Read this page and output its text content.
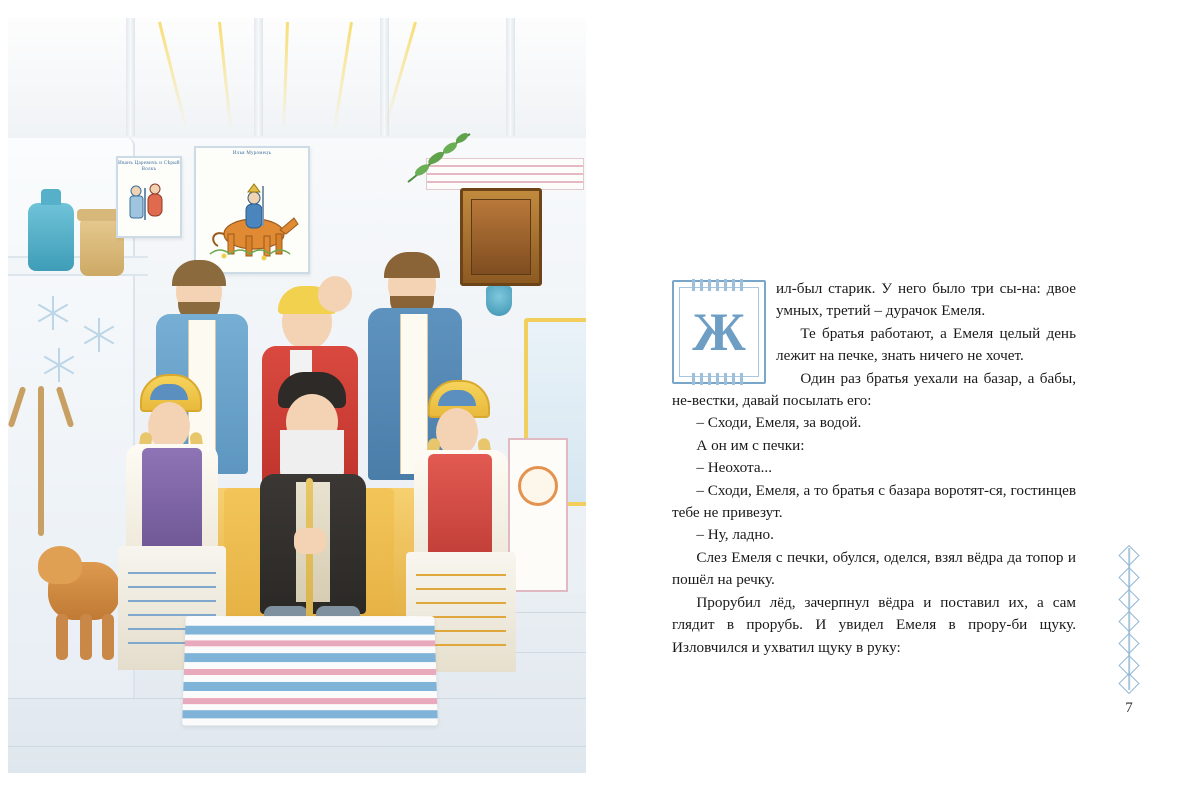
Иванъ Царевичъ и Сѣрый Волкъ
Илья Муромецъ
Ж

ил-был старик. У него было три сы-на: двое умных, третий – дурачок Емеля.

Те братья работают, а Емеля целый день лежит на печке, знать ничего не хочет.

Один раз братья уехали на базар, а бабы, не-вестки, давай посылать его:

– Сходи, Емеля, за водой.

А он им с печки:

– Неохота...

– Сходи, Емеля, а то братья с базара воротят-ся, гостинцев тебе не привезут.

– Ну, ладно.

Слез Емеля с печки, обулся, оделся, взял вёдра да топор и пошёл на речку.

Прорубил лёд, зачерпнул вёдра и поставил их, а сам глядит в прорубь. И увидел Емеля в прору-би щуку. Изловчился и ухватил щуку в руку:

7
